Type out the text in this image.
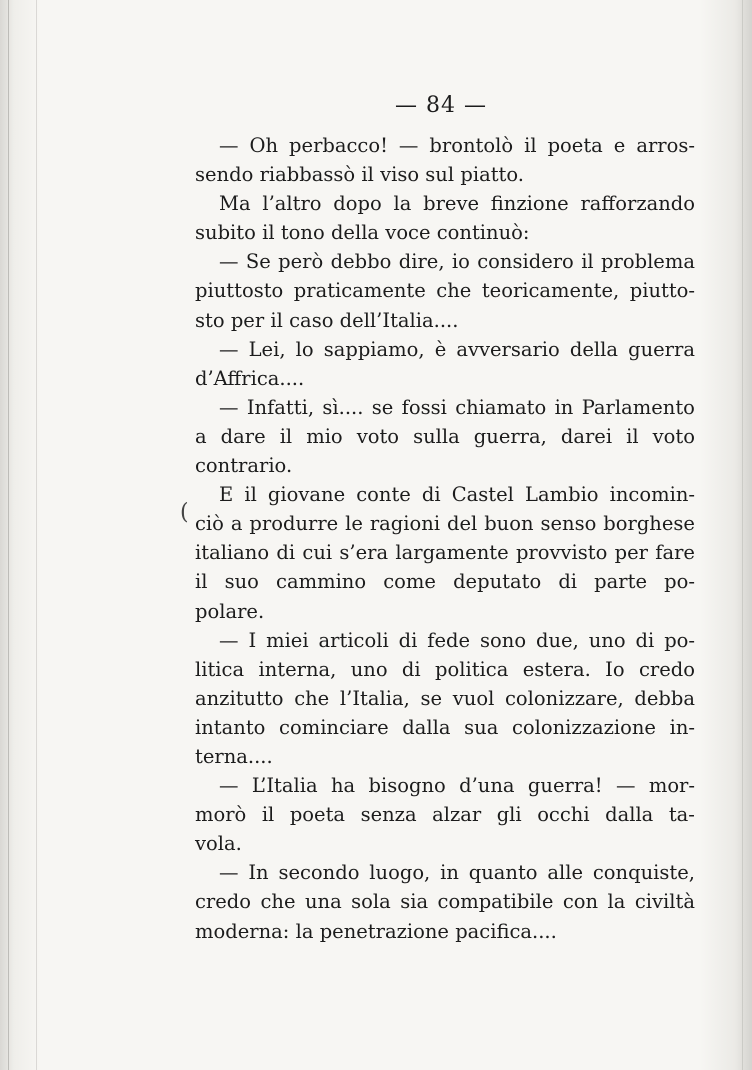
— 84 —
— Oh perbacco! — brontolò il poeta e arros-
sendo riabbassò il viso sul piatto.
Ma l’altro dopo la breve finzione rafforzando
subito il tono della voce continuò:
— Se però debbo dire, io considero il problema
piuttosto praticamente che teoricamente, piutto-
sto per il caso dell’Italia....
— Lei, lo sappiamo, è avversario della guerra
d’Affrica....
— Infatti, sì.... se fossi chiamato in Parlamento
a dare il mio voto sulla guerra, darei il voto
contrario.
E il giovane conte di Castel Lambio incomin-
ciò a produrre le ragioni del buon senso borghese
italiano di cui s’era largamente provvisto per fare
il suo cammino come deputato di parte po-
polare.
— I miei articoli di fede sono due, uno di po-
litica interna, uno di politica estera. Io credo
anzitutto che l’Italia, se vuol colonizzare, debba
intanto cominciare dalla sua colonizzazione in-
terna....
— L’Italia ha bisogno d’una guerra! — mor-
morò il poeta senza alzar gli occhi dalla ta-
vola.
— In secondo luogo, in quanto alle conquiste,
credo che una sola sia compatibile con la civiltà
moderna: la penetrazione pacifica....
(
